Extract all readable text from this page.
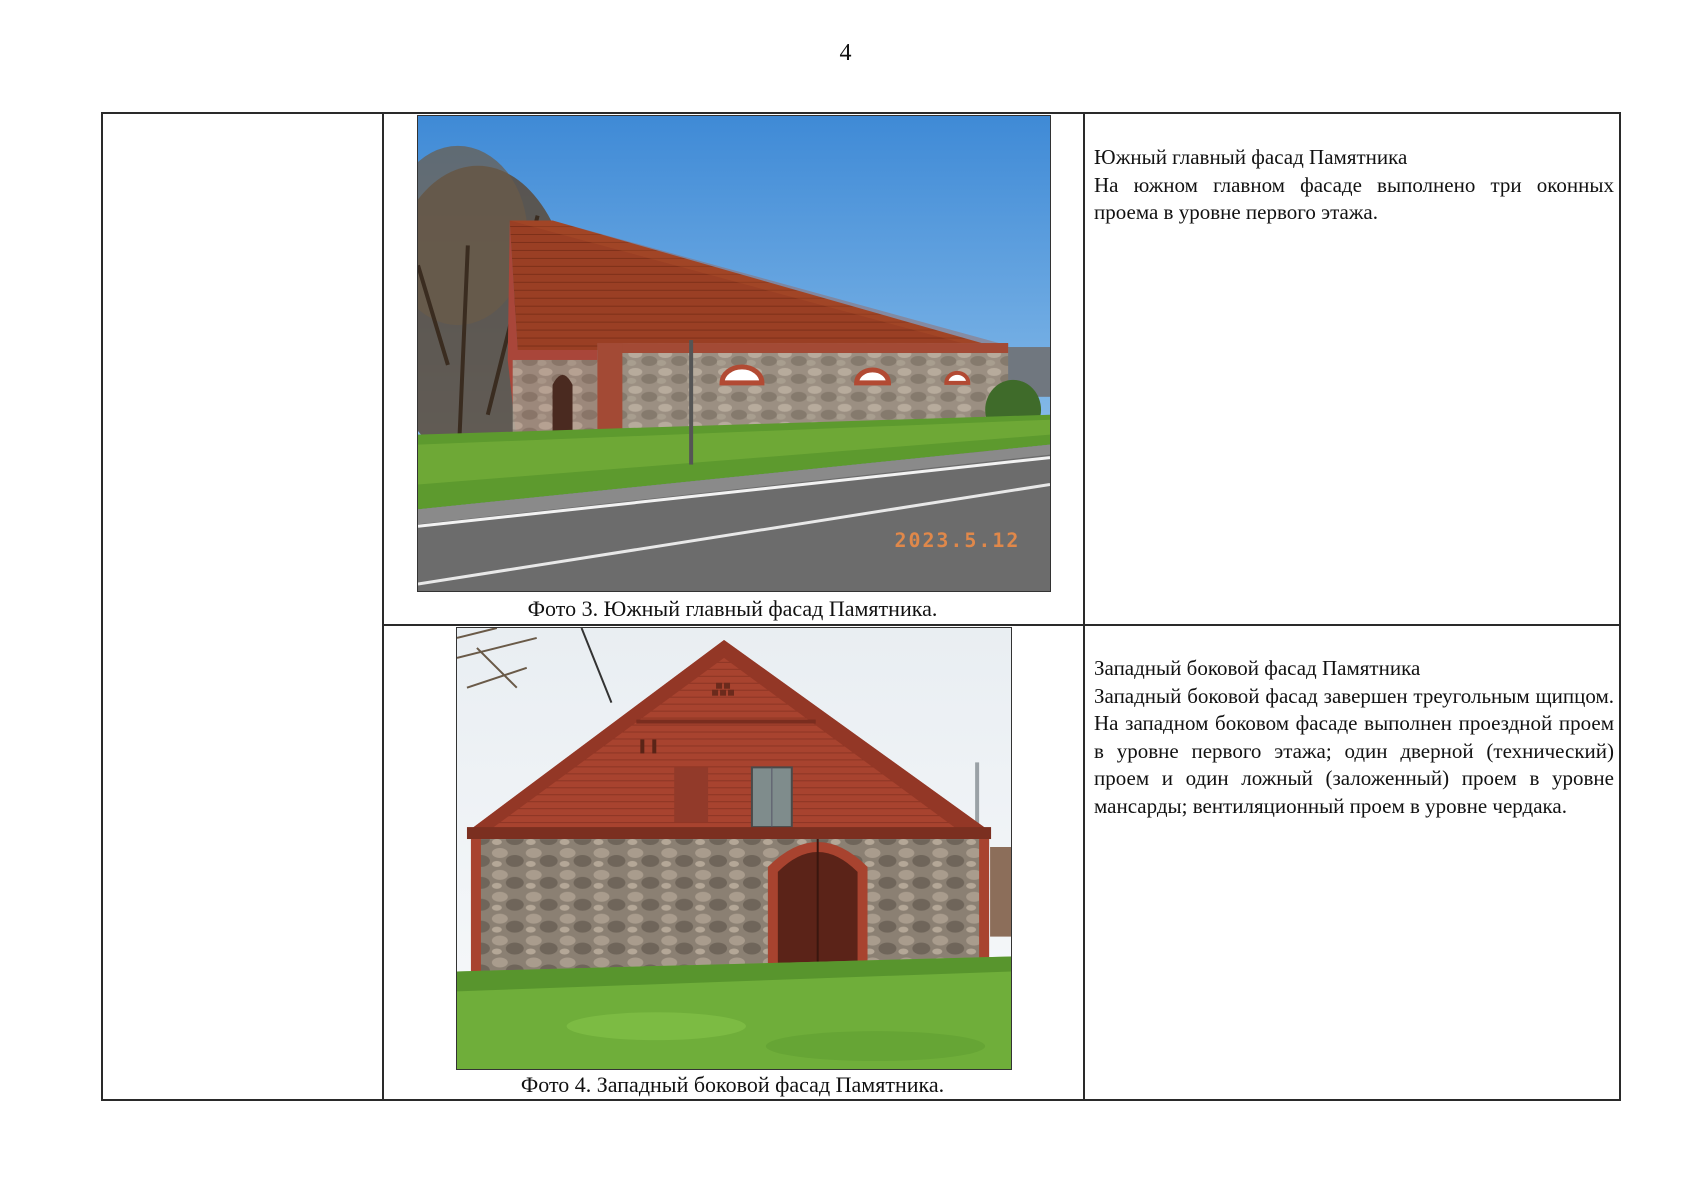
4
2023.5.12
Фото 3. Южный главный фасад Памятника.
Южный главный фасад Памятника
На южном главном фасаде выполнено три оконных проема в уровне первого этажа.
Фото 4. Западный боковой фасад Памятника.
Западный боковой фасад Памятника
Западный боковой фасад завершен треугольным щипцом. На западном боковом фасаде выполнен проездной проем в уровне первого этажа; один дверной (технический) проем и один ложный (заложенный) проем в уровне мансарды; вентиляционный проем в уровне чердака.
